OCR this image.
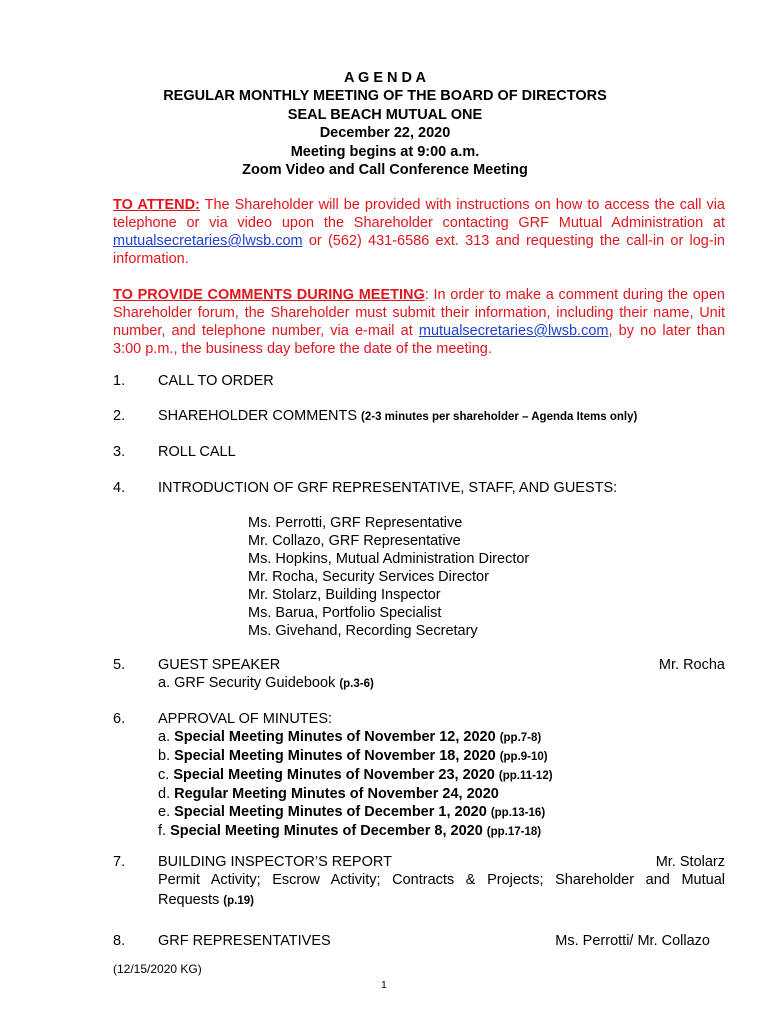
A G E N D A
REGULAR MONTHLY MEETING OF THE BOARD OF DIRECTORS
SEAL BEACH MUTUAL ONE
December 22, 2020
Meeting begins at 9:00 a.m.
Zoom Video and Call Conference Meeting
TO ATTEND: The Shareholder will be provided with instructions on how to access the call via telephone or via video upon the Shareholder contacting GRF Mutual Administration at mutualsecretaries@lwsb.com or (562) 431-6586 ext. 313 and requesting the call-in or log-in information.
TO PROVIDE COMMENTS DURING MEETING: In order to make a comment during the open Shareholder forum, the Shareholder must submit their information, including their name, Unit number, and telephone number, via e-mail at mutualsecretaries@lwsb.com, by no later than 3:00 p.m., the business day before the date of the meeting.
1. CALL TO ORDER
2. SHAREHOLDER COMMENTS (2-3 minutes per shareholder – Agenda Items only)
3. ROLL CALL
4. INTRODUCTION OF GRF REPRESENTATIVE, STAFF, AND GUESTS:
Ms. Perrotti, GRF Representative
Mr. Collazo, GRF Representative
Ms. Hopkins, Mutual Administration Director
Mr. Rocha, Security Services Director
Mr. Stolarz, Building Inspector
Ms. Barua, Portfolio Specialist
Ms. Givehand, Recording Secretary
5. GUEST SPEAKER	Mr. Rocha
a. GRF Security Guidebook (p.3-6)
6. APPROVAL OF MINUTES:
a. Special Meeting Minutes of November 12, 2020 (pp.7-8)
b. Special Meeting Minutes of November 18, 2020 (pp.9-10)
c. Special Meeting Minutes of November 23, 2020 (pp.11-12)
d. Regular Meeting Minutes of November 24, 2020
e. Special Meeting Minutes of December 1, 2020 (pp.13-16)
f. Special Meeting Minutes of December 8, 2020 (pp.17-18)
7. BUILDING INSPECTOR’S REPORT	Mr. Stolarz
Permit Activity; Escrow Activity; Contracts & Projects; Shareholder and Mutual
Requests (p.19)
8. GRF REPRESENTATIVES	Ms. Perrotti/ Mr. Collazo
(12/15/2020 KG)
1
